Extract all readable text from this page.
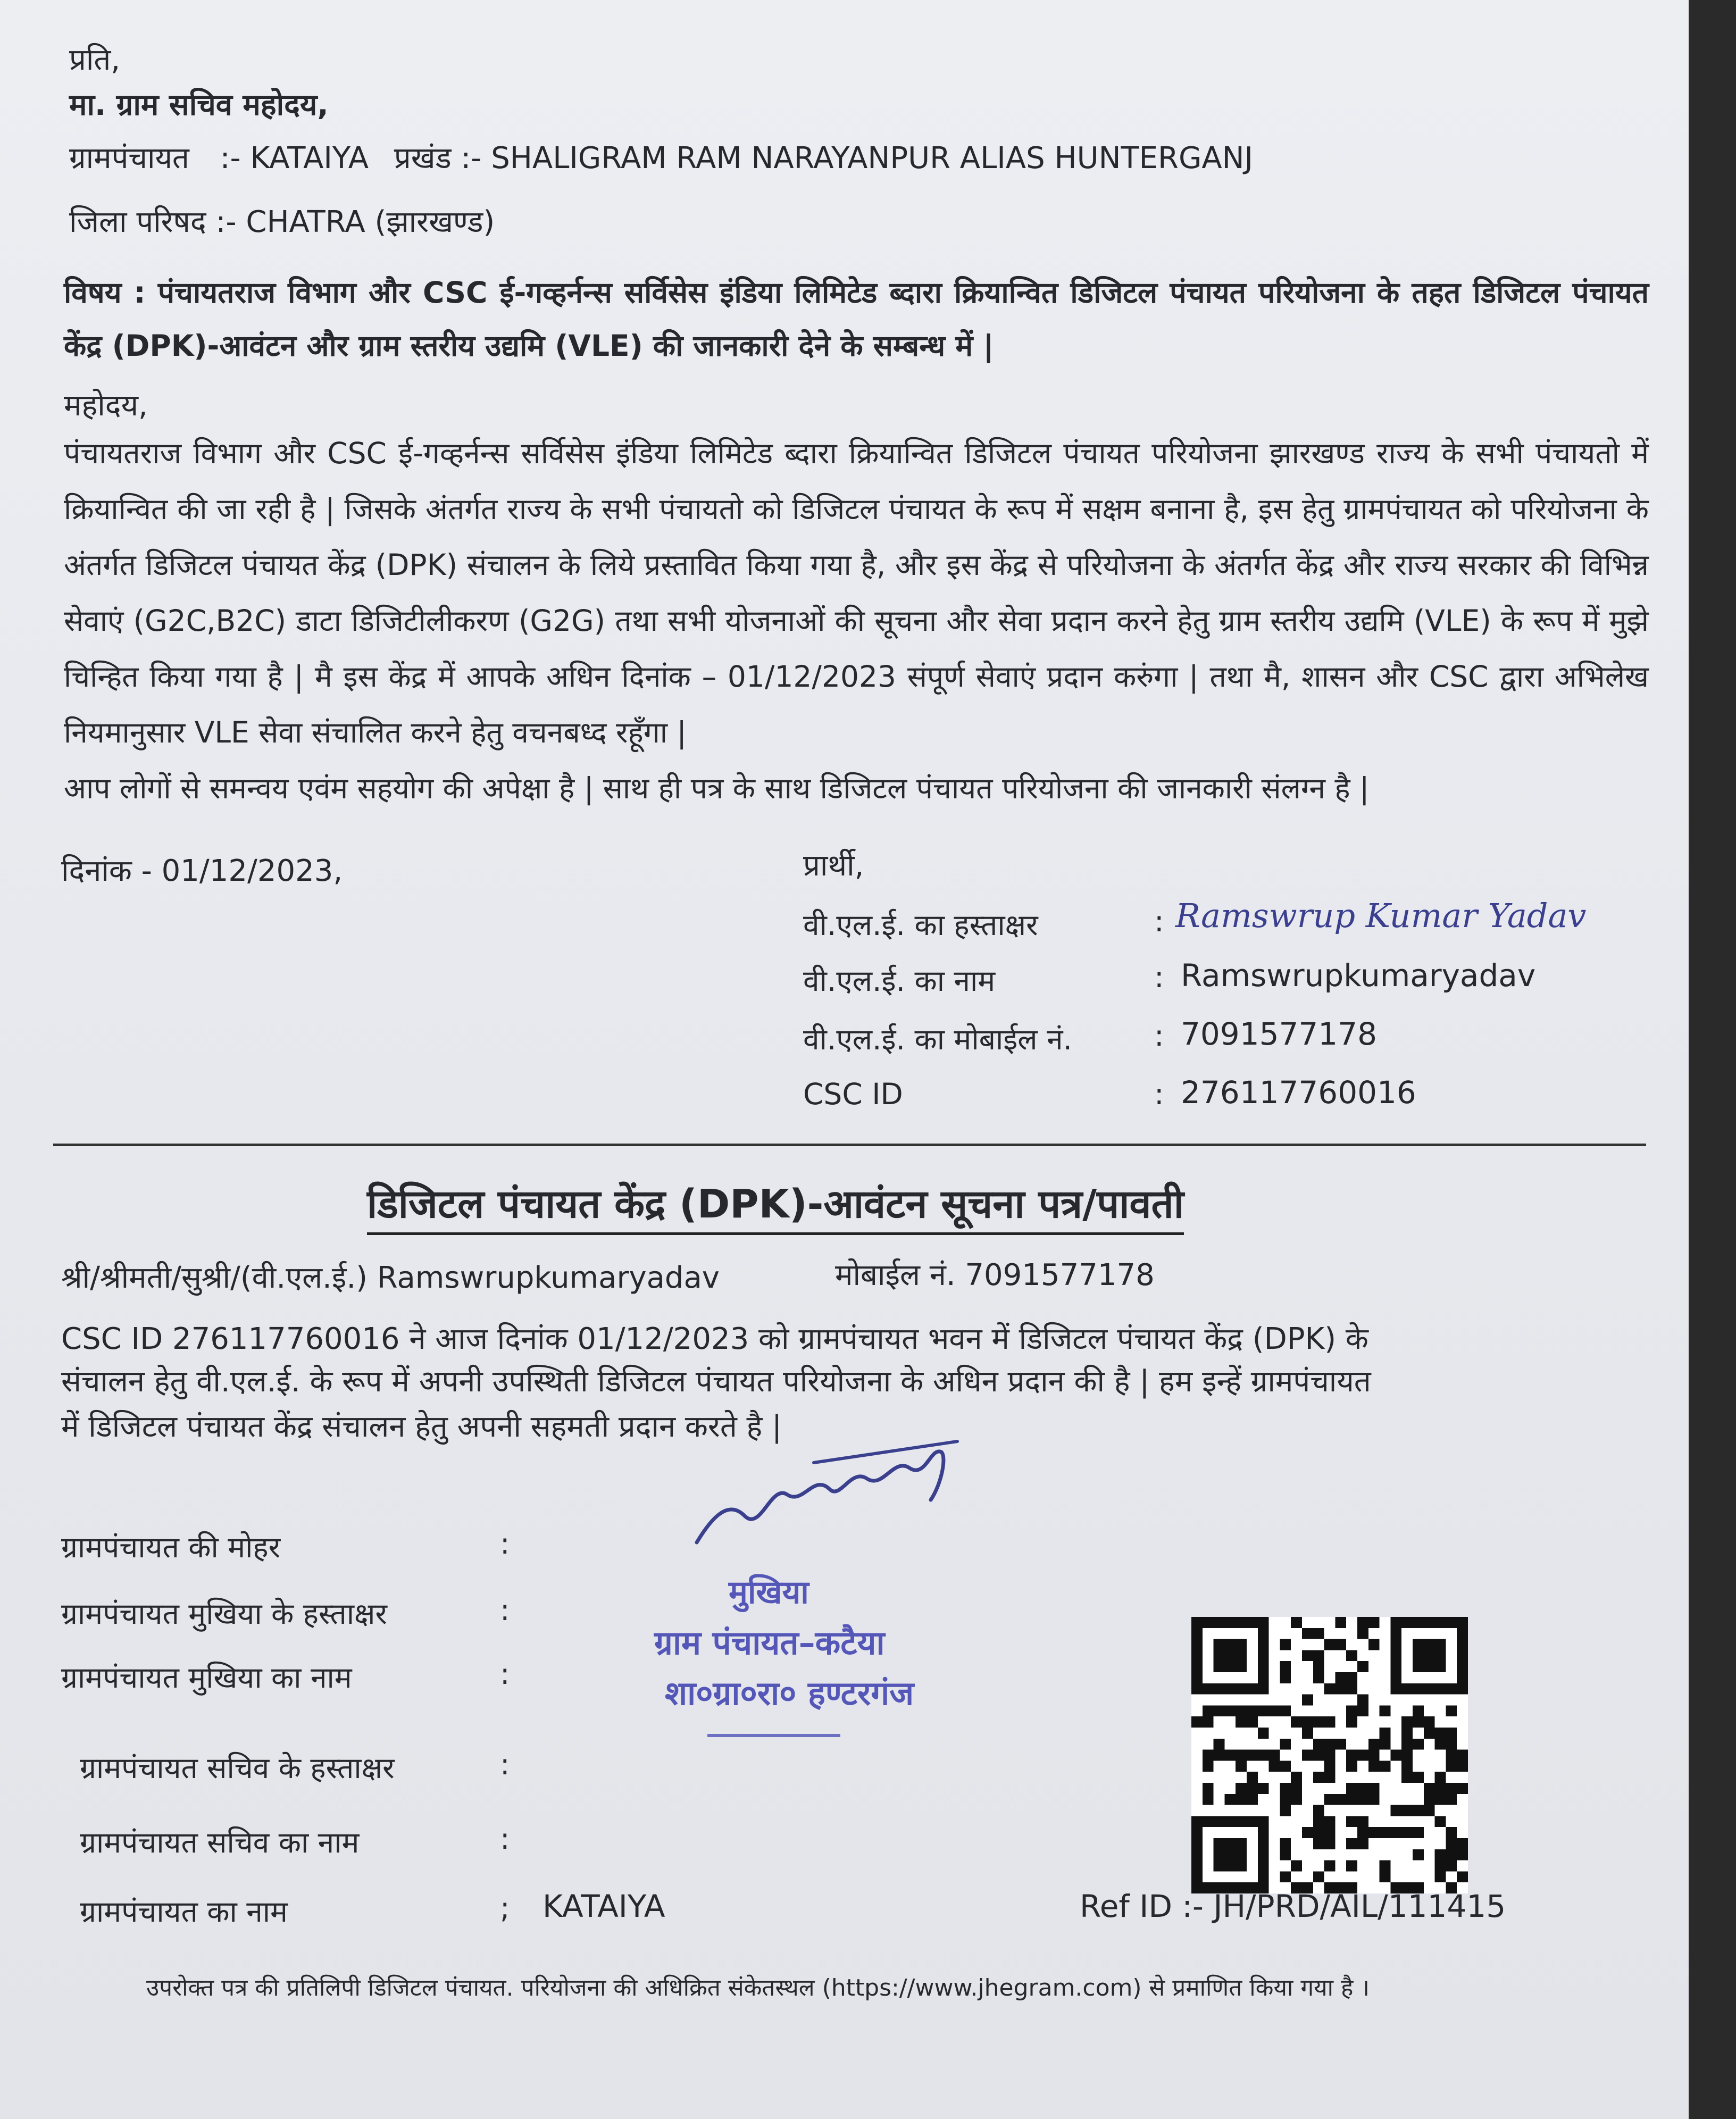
प्रति,
मा. ग्राम सचिव महोदय,
ग्रामपंचायत :- KATAIYA प्रखंड :- SHALIGRAM RAM NARAYANPUR ALIAS HUNTERGANJ
जिला परिषद :- CHATRA (झारखण्ड)
विषय : पंचायतराज विभाग और CSC ई-गव्हर्नन्स सर्विसेस इंडिया लिमिटेड ब्दारा क्रियान्वित डिजिटल पंचायत परियोजना के तहत डिजिटल पंचायत केंद्र (DPK)-आवंटन और ग्राम स्तरीय उद्यमि (VLE) की जानकारी देने के सम्बन्ध में |
महोदय,
पंचायतराज विभाग और CSC ई-गव्हर्नन्स सर्विसेस इंडिया लिमिटेड ब्दारा क्रियान्वित डिजिटल पंचायत परियोजना झारखण्ड राज्य के सभी पंचायतो में क्रियान्वित की जा रही है | जिसके अंतर्गत राज्य के सभी पंचायतो को डिजिटल पंचायत के रूप में सक्षम बनाना है, इस हेतु ग्रामपंचायत को परियोजना के अंतर्गत डिजिटल पंचायत केंद्र (DPK) संचालन के लिये प्रस्तावित किया गया है, और इस केंद्र से परियोजना के अंतर्गत केंद्र और राज्य सरकार की विभिन्न सेवाएं (G2C,B2C) डाटा डिजिटीलीकरण (G2G) तथा सभी योजनाओं की सूचना और सेवा प्रदान करने हेतु ग्राम स्तरीय उद्यमि (VLE) के रूप में मुझे चिन्हित किया गया है | मै इस केंद्र में आपके अधिन दिनांक – 01/12/2023 संपूर्ण सेवाएं प्रदान करुंगा | तथा मै, शासन और CSC द्वारा अभिलेख नियमानुसार VLE सेवा संचालित करने हेतु वचनबध्द रहूँगा |
आप लोगों से समन्वय एवंम सहयोग की अपेक्षा है | साथ ही पत्र के साथ डिजिटल पंचायत परियोजना की जानकारी संलग्न है |
दिनांक - 01/12/2023,	प्रार्थी,
वी.एल.ई. का हस्ताक्षर	: Ramswrup Kumar Yadav
वी.एल.ई. का नाम	: Ramswrupkumaryadav
वी.एल.ई. का मोबाईल नं.	: 7091577178
CSC ID	: 276117760016
डिजिटल पंचायत केंद्र (DPK)-आवंटन सूचना पत्र/पावती
श्री/श्रीमती/सुश्री/(वी.एल.ई.) Ramswrupkumaryadav	मोबाईल नं. 7091577178
CSC ID 276117760016 ने आज दिनांक 01/12/2023 को ग्रामपंचायत भवन में डिजिटल पंचायत केंद्र (DPK) के
संचालन हेतु वी.एल.ई. के रूप में अपनी उपस्थिती डिजिटल पंचायत परियोजना के अधिन प्रदान की है | हम इन्हें ग्रामपंचायत
में डिजिटल पंचायत केंद्र संचालन हेतु अपनी सहमती प्रदान करते है |
ग्रामपंचायत की मोहर	:
ग्रामपंचायत मुखिया के हस्ताक्षर	:
ग्रामपंचायत मुखिया का नाम	:
ग्रामपंचायत सचिव के हस्ताक्षर	:
ग्रामपंचायत सचिव का नाम	:
ग्रामपंचायत का नाम	; KATAIYA
मुखिया
ग्राम पंचायत–कटैया
शा०ग्रा०रा० हण्टरगंज
Ref ID :- JH/PRD/AIL/111415
उपरोक्त पत्र की प्रतिलिपी डिजिटल पंचायत. परियोजना की अधिक्रित संकेतस्थल (https://www.jhegram.com) से प्रमाणित किया गया है ।
